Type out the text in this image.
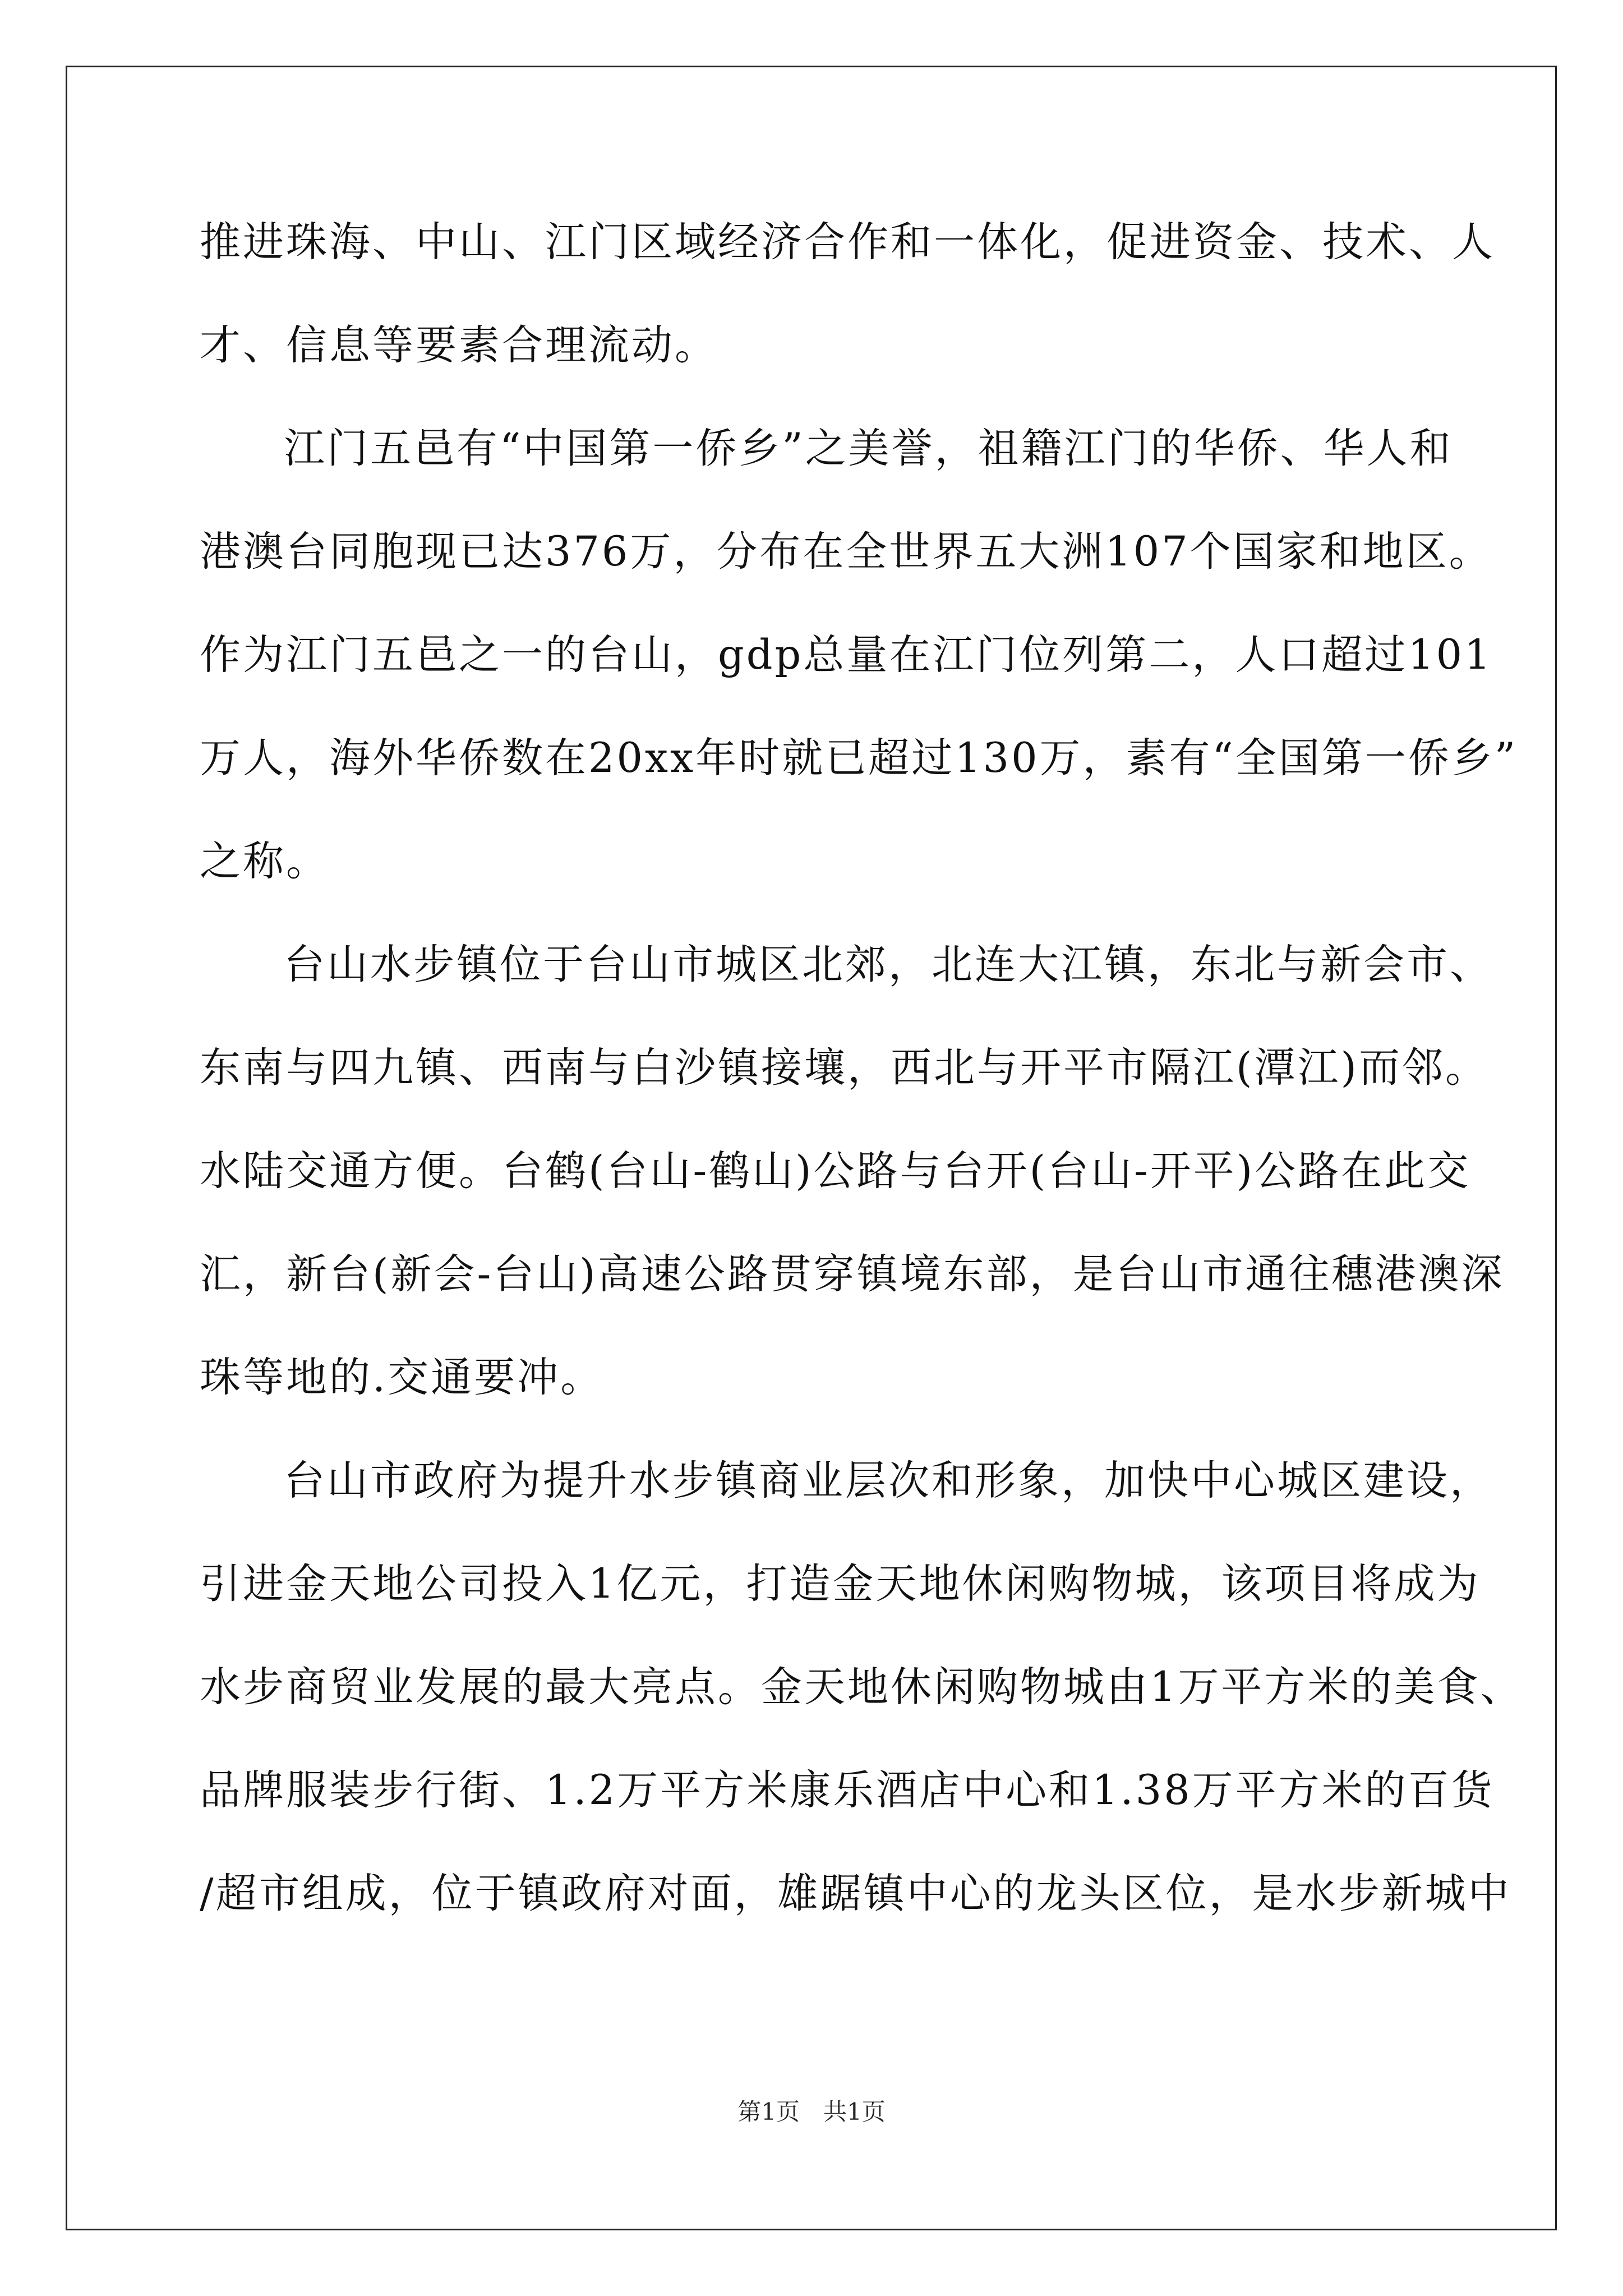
推进珠海、中山、江门区域经济合作和一体化，促进资金、技术、人
才、信息等要素合理流动。
江门五邑有“中国第一侨乡”之美誉，祖籍江门的华侨、华人和
港澳台同胞现已达376万，分布在全世界五大洲107个国家和地区。
作为江门五邑之一的台山，gdp总量在江门位列第二，人口超过101
万人，海外华侨数在20xx年时就已超过130万，素有“全国第一侨乡”
之称。
台山水步镇位于台山市城区北郊，北连大江镇，东北与新会市、
东南与四九镇、西南与白沙镇接壤，西北与开平市隔江(潭江)而邻。
水陆交通方便。台鹤(台山-鹤山)公路与台开(台山-开平)公路在此交
汇，新台(新会-台山)高速公路贯穿镇境东部，是台山市通往穗港澳深
珠等地的.交通要冲。
台山市政府为提升水步镇商业层次和形象，加快中心城区建设，
引进金天地公司投入1亿元，打造金天地休闲购物城，该项目将成为
水步商贸业发展的最大亮点。金天地休闲购物城由1万平方米的美食、
品牌服装步行街、1.2万平方米康乐酒店中心和1.38万平方米的百货
/超市组成，位于镇政府对面，雄踞镇中心的龙头区位，是水步新城中
第1页　共1页
